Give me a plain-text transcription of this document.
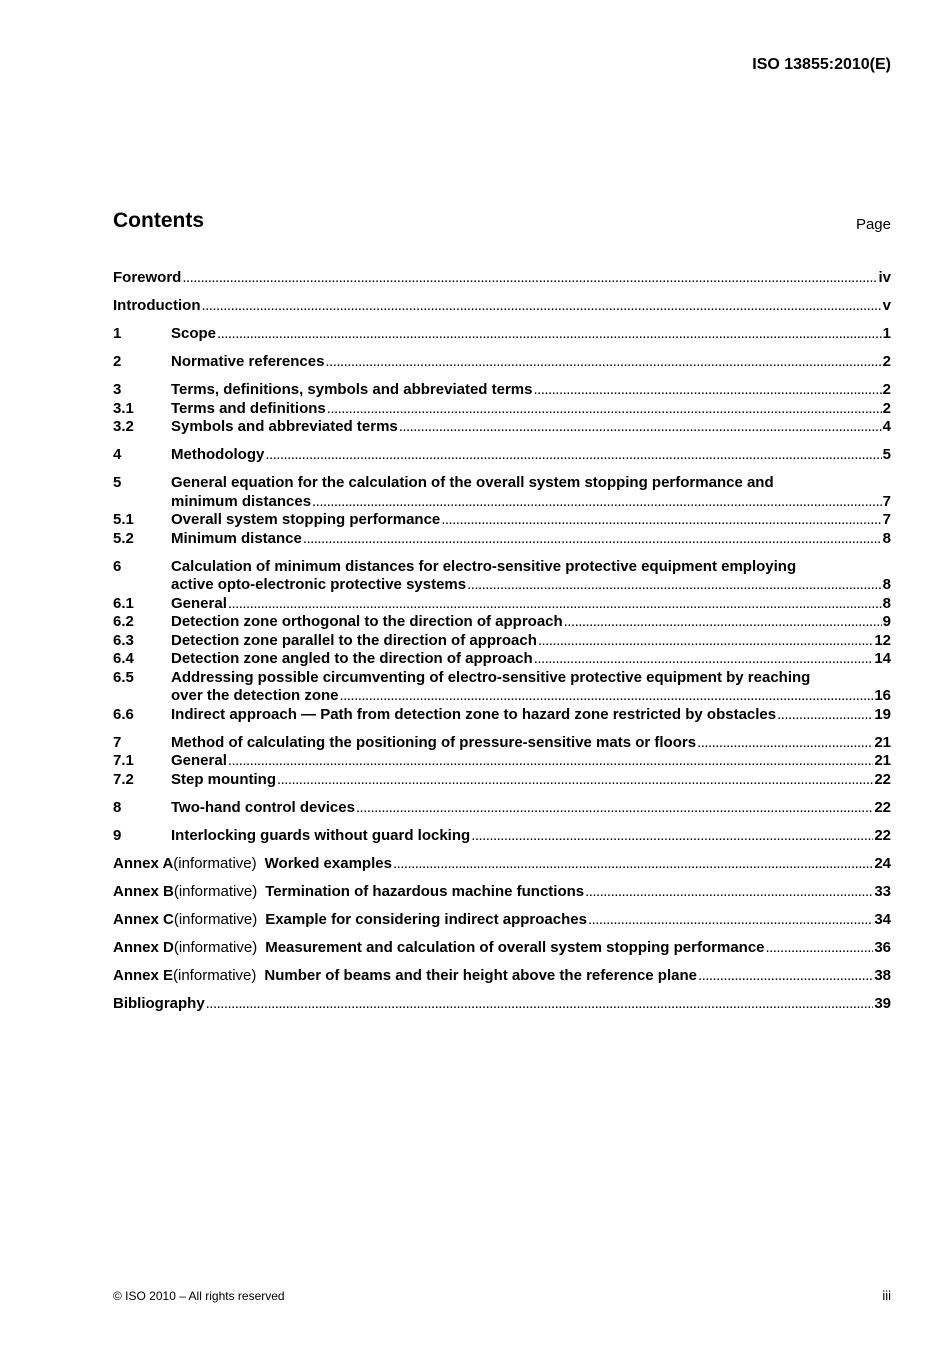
ISO 13855:2010(E)
Contents	Page
Foreword . . .	iv
Introduction . . .	v
1	Scope . . .	1
2	Normative references . . .	2
3	Terms, definitions, symbols and abbreviated terms . . .	2
3.1 Terms and definitions . . .	2
3.2 Symbols and abbreviated terms . . .	4
4	Methodology . . .	5
5	General equation for the calculation of the overall system stopping performance and
minimum distances . . .	7
5.1 Overall system stopping performance . . .	7
5.2 Minimum distance . . .	8
6	Calculation of minimum distances for electro-sensitive protective equipment employing
active opto-electronic protective systems . . .	8
6.1 General . . .	8
6.2 Detection zone orthogonal to the direction of approach . . .	9
6.3 Detection zone parallel to the direction of approach . . .	12
6.4 Detection zone angled to the direction of approach . . .	14
6.5 Addressing possible circumventing of electro-sensitive protective equipment by reaching
over the detection zone . . .	16
6.6 Indirect approach — Path from detection zone to hazard zone restricted by obstacles . . .	19
7	Method of calculating the positioning of pressure-sensitive mats or floors . . .	21
7.1 General . . .	21
7.2 Step mounting . . .	22
8	Two-hand control devices . . .	22
9	Interlocking guards without guard locking . . .	22
Annex A (informative) Worked examples . . .	24
Annex B (informative) Termination of hazardous machine functions . . .	33
Annex C (informative) Example for considering indirect approaches . . .	34
Annex D (informative) Measurement and calculation of overall system stopping performance . . .	36
Annex E (informative) Number of beams and their height above the reference plane . . .	38
Bibliography . . .	39
© ISO 2010 – All rights reserved	iii
